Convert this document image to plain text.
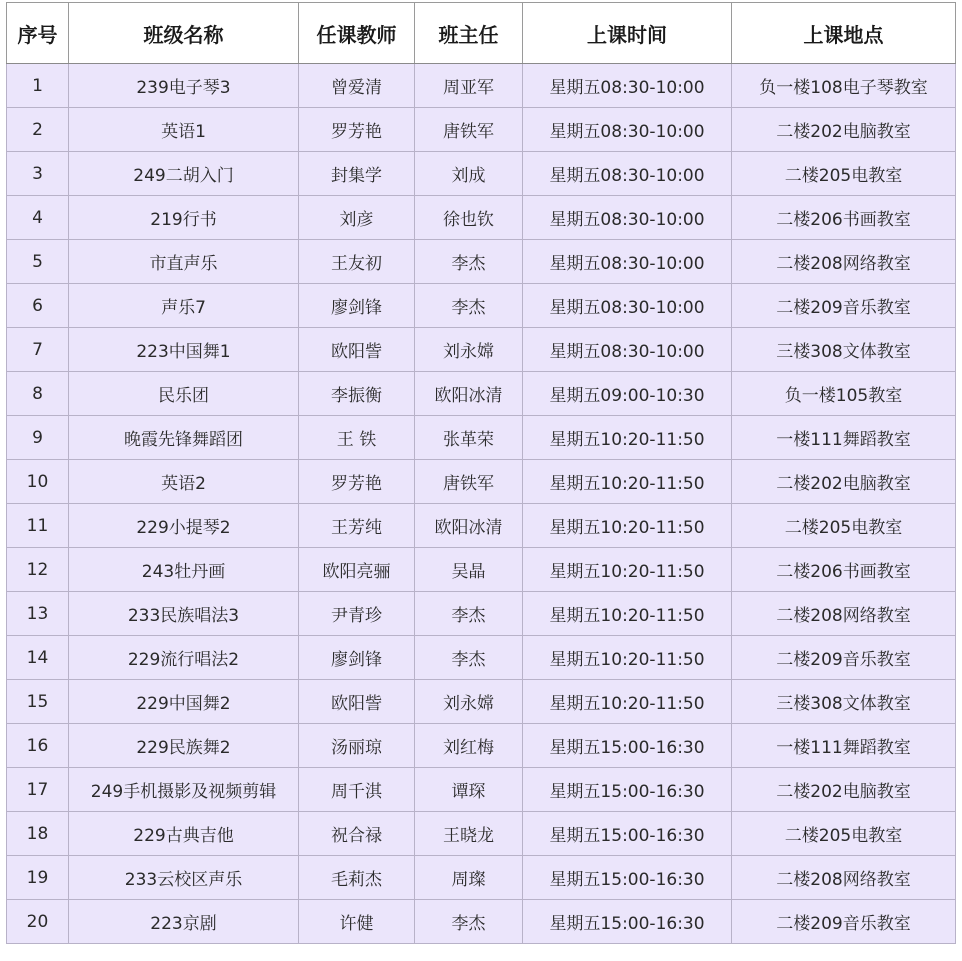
序号	班级名称	任课教师	班主任	上课时间	上课地点
1	239电子琴3	曾爱清	周亚军	星期五08:30-10:00	负一楼108电子琴教室
2	英语1	罗芳艳	唐铁军	星期五08:30-10:00	二楼202电脑教室
3	249二胡入门	封集学	刘成	星期五08:30-10:00	二楼205电教室
4	219行书	刘彦	徐也钦	星期五08:30-10:00	二楼206书画教室
5	市直声乐	王友初	李杰	星期五08:30-10:00	二楼208网络教室
6	声乐7	廖剑锋	李杰	星期五08:30-10:00	二楼209音乐教室
7	223中国舞1	欧阳訾	刘永嫦	星期五08:30-10:00	三楼308文体教室
8	民乐团	李振衡	欧阳冰清	星期五09:00-10:30	负一楼105教室
9	晚霞先锋舞蹈团	王 铁	张革荣	星期五10:20-11:50	一楼111舞蹈教室
10	英语2	罗芳艳	唐铁军	星期五10:20-11:50	二楼202电脑教室
11	229小提琴2	王芳纯	欧阳冰清	星期五10:20-11:50	二楼205电教室
12	243牡丹画	欧阳亮骊	吴晶	星期五10:20-11:50	二楼206书画教室
13	233民族唱法3	尹青珍	李杰	星期五10:20-11:50	二楼208网络教室
14	229流行唱法2	廖剑锋	李杰	星期五10:20-11:50	二楼209音乐教室
15	229中国舞2	欧阳訾	刘永嫦	星期五10:20-11:50	三楼308文体教室
16	229民族舞2	汤丽琼	刘红梅	星期五15:00-16:30	一楼111舞蹈教室
17	249手机摄影及视频剪辑	周千淇	谭琛	星期五15:00-16:30	二楼202电脑教室
18	229古典吉他	祝合禄	王晓龙	星期五15:00-16:30	二楼205电教室
19	233云校区声乐	毛莉杰	周璨	星期五15:00-16:30	二楼208网络教室
20	223京剧	许健	李杰	星期五15:00-16:30	二楼209音乐教室
